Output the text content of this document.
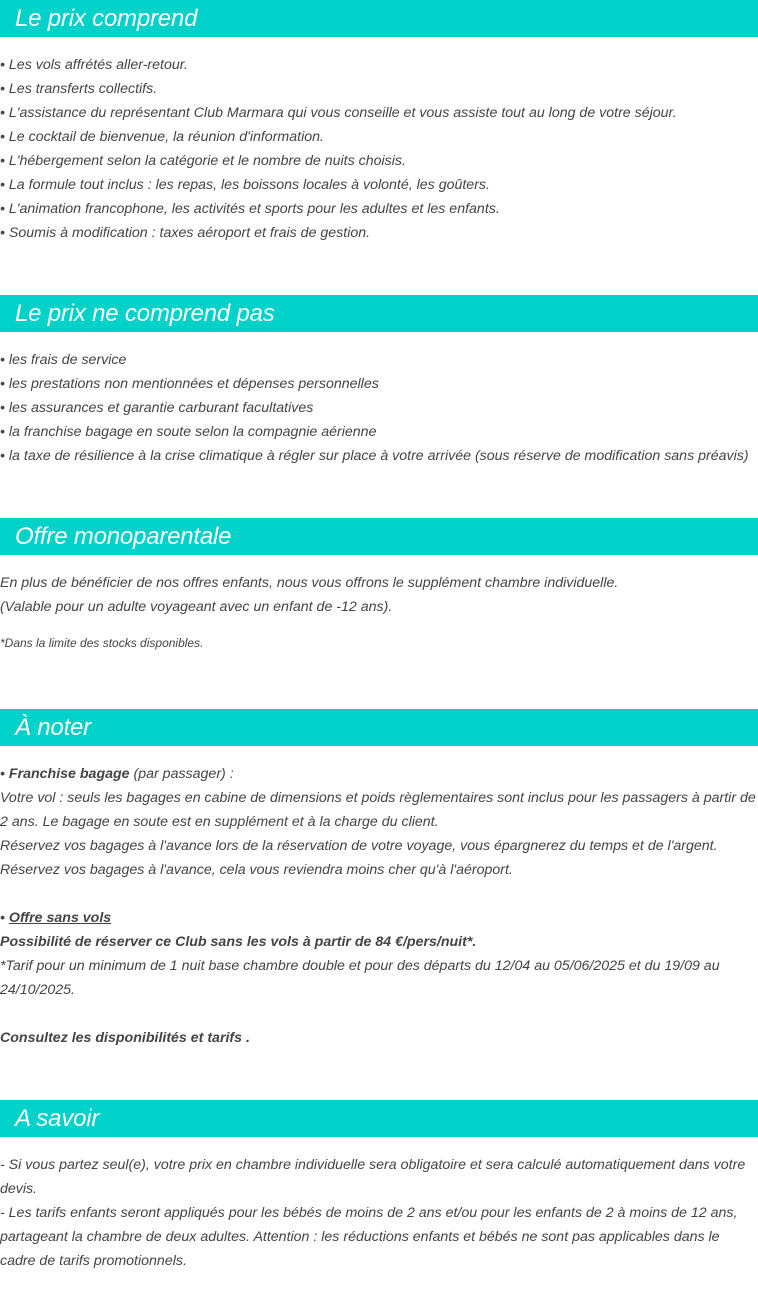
Le prix comprend

• Les vols affrétés aller-retour.

• Les transferts collectifs.

• L'assistance du représentant Club Marmara qui vous conseille et vous assiste tout au long de votre séjour.

• Le cocktail de bienvenue, la réunion d'information.

• L'hébergement selon la catégorie et le nombre de nuits choisis.

• La formule tout inclus : les repas, les boissons locales à volonté, les goûters.

• L'animation francophone, les activités et sports pour les adultes et les enfants.

• Soumis à modification : taxes aéroport et frais de gestion.

Le prix ne comprend pas

• les frais de service

• les prestations non mentionnées et dépenses personnelles

• les assurances et garantie carburant facultatives

• la franchise bagage en soute selon la compagnie aérienne

• la taxe de résilience à la crise climatique à régler sur place à votre arrivée (sous réserve de modification sans préavis)

Offre monoparentale

En plus de bénéficier de nos offres enfants, nous vous offrons le supplément chambre individuelle.

(Valable pour un adulte voyageant avec un enfant de -12 ans).

*Dans la limite des stocks disponibles.

À noter

• Franchise bagage (par passager) :

Votre vol : seuls les bagages en cabine de dimensions et poids règlementaires sont inclus pour les passagers à partir de 2 ans. Le bagage en soute est en supplément et à la charge du client.

Réservez vos bagages à l'avance lors de la réservation de votre voyage, vous épargnerez du temps et de l'argent.

Réservez vos bagages à l'avance, cela vous reviendra moins cher qu'à l'aéroport.

• Offre sans vols

Possibilité de réserver ce Club sans les vols à partir de 84 €/pers/nuit*.

*Tarif pour un minimum de 1 nuit base chambre double et pour des départs du 12/04 au 05/06/2025 et du 19/09 au 24/10/2025.

Consultez les disponibilités et tarifs .

A savoir

- Si vous partez seul(e), votre prix en chambre individuelle sera obligatoire et sera calculé automatiquement dans votre devis.

- Les tarifs enfants seront appliqués pour les bébés de moins de 2 ans et/ou pour les enfants de 2 à moins de 12 ans, partageant la chambre de deux adultes. Attention : les réductions enfants et bébés ne sont pas applicables dans le cadre de tarifs promotionnels.
